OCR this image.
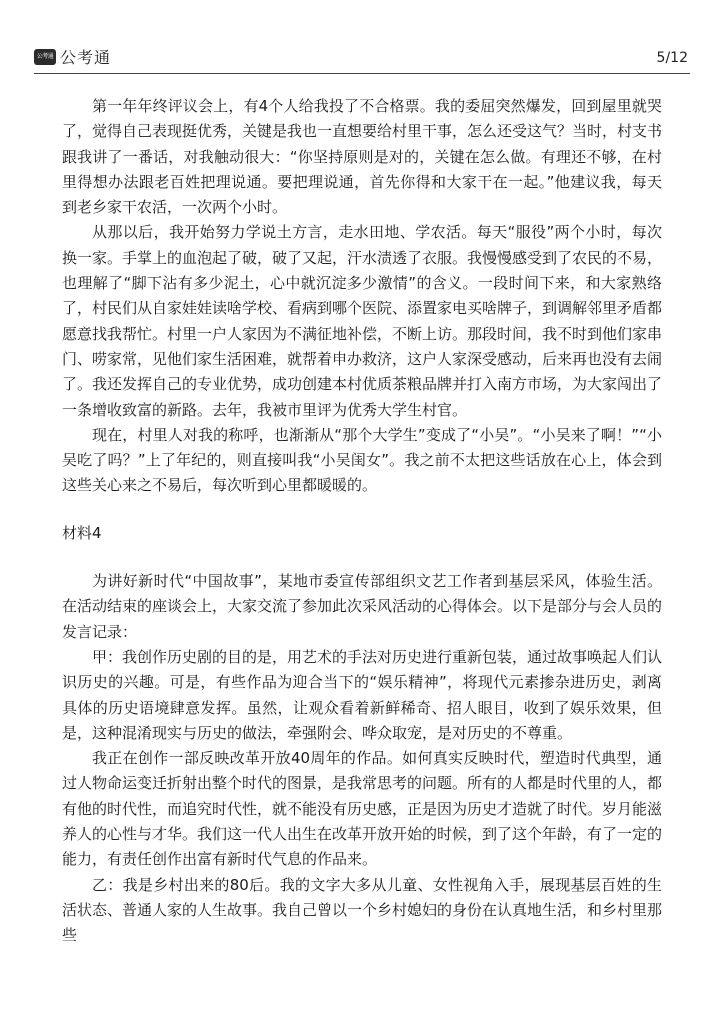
公考通 公考通	5/12

第一年年终评议会上，有4个人给我投了不合格票。我的委屈突然爆发，回到屋里就哭了，觉得自己表现挺优秀，关键是我也一直想要给村里干事，怎么还受这气？当时，村支书跟我讲了一番话，对我触动很大：“你坚持原则是对的，关键在怎么做。有理还不够，在村里得想办法跟老百姓把理说通。要把理说通，首先你得和大家干在一起。”他建议我，每天到老乡家干农活，一次两个小时。

从那以后，我开始努力学说土方言，走水田地、学农活。每天“服役”两个小时，每次换一家。手掌上的血泡起了破，破了又起，汗水渍透了衣服。我慢慢感受到了农民的不易，也理解了“脚下沾有多少泥土，心中就沉淀多少激情”的含义。一段时间下来，和大家熟络了，村民们从自家娃娃读啥学校、看病到哪个医院、添置家电买啥牌子，到调解邻里矛盾都愿意找我帮忙。村里一户人家因为不满征地补偿，不断上访。那段时间，我不时到他们家串门、唠家常，见他们家生活困难，就帮着申办救济，这户人家深受感动，后来再也没有去闹了。我还发挥自己的专业优势，成功创建本村优质茶粮品牌并打入南方市场，为大家闯出了一条增收致富的新路。去年，我被市里评为优秀大学生村官。

现在，村里人对我的称呼，也渐渐从“那个大学生”变成了“小吴”。“小吴来了啊！”“小吴吃了吗？”上了年纪的，则直接叫我“小吴闺女”。我之前不太把这些话放在心上，体会到这些关心来之不易后，每次听到心里都暖暖的。

材料4

为讲好新时代“中国故事”，某地市委宣传部组织文艺工作者到基层采风，体验生活。在活动结束的座谈会上，大家交流了参加此次采风活动的心得体会。以下是部分与会人员的发言记录：

甲：我创作历史剧的目的是，用艺术的手法对历史进行重新包装，通过故事唤起人们认识历史的兴趣。可是，有些作品为迎合当下的“娱乐精神”，将现代元素掺杂进历史，剥离具体的历史语境肆意发挥。虽然，让观众看着新鲜稀奇、招人眼目，收到了娱乐效果，但是，这种混淆现实与历史的做法，牵强附会、哗众取宠，是对历史的不尊重。

我正在创作一部反映改革开放40周年的作品。如何真实反映时代，塑造时代典型，通过人物命运变迁折射出整个时代的图景，是我常思考的问题。所有的人都是时代里的人，都有他的时代性，而追究时代性，就不能没有历史感，正是因为历史才造就了时代。岁月能滋养人的心性与才华。我们这一代人出生在改革开放开始的时候，到了这个年龄，有了一定的能力，有责任创作出富有新时代气息的作品来。

乙：我是乡村出来的80后。我的文字大多从儿童、女性视角入手，展现基层百姓的生活状态、普通人家的人生故事。我自己曾以一个乡村媳妇的身份在认真地生活，和乡村里那些
